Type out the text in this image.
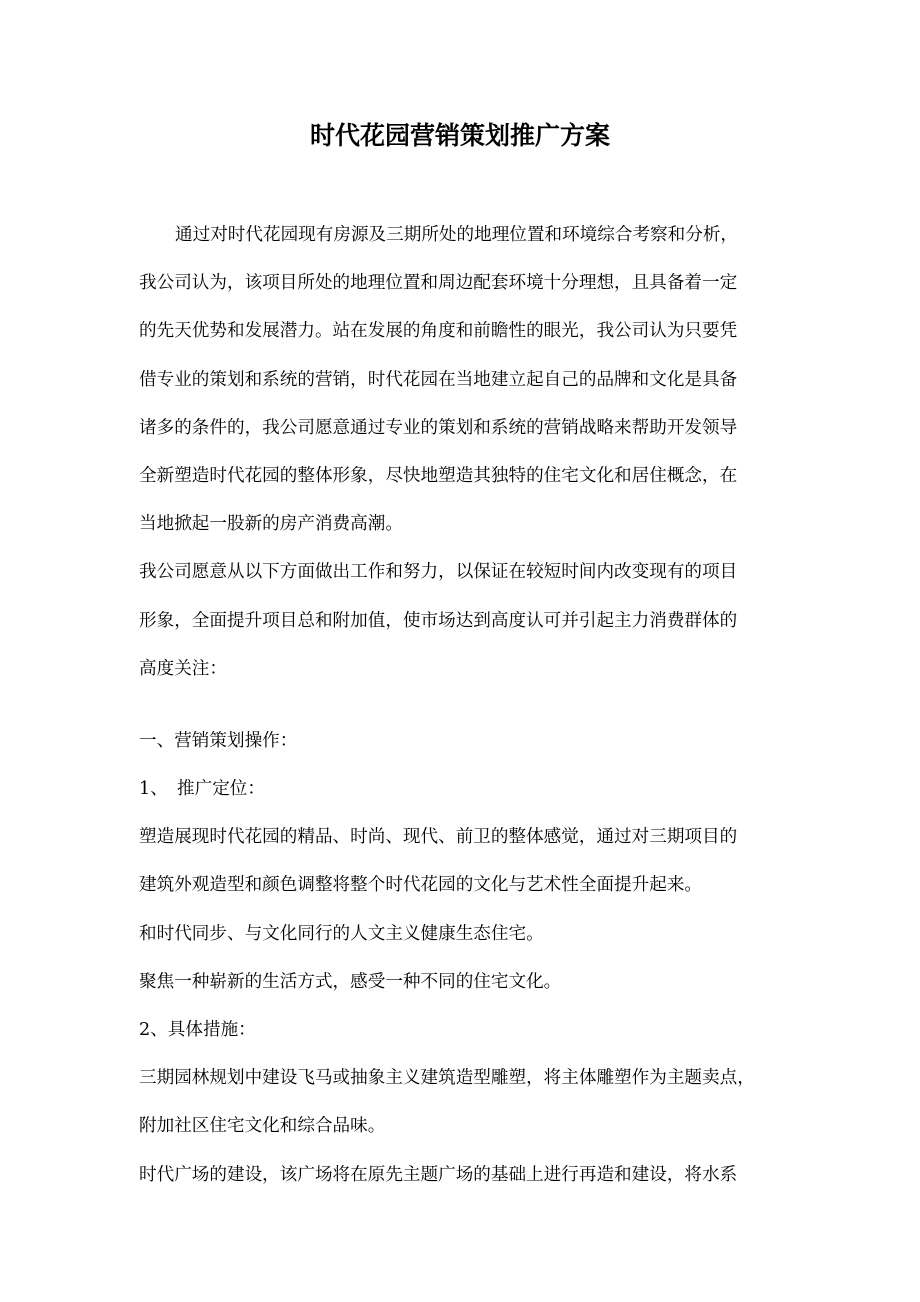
时代花园营销策划推广方案
通过对时代花园现有房源及三期所处的地理位置和环境综合考察和分析，
我公司认为，该项目所处的地理位置和周边配套环境十分理想，且具备着一定
的先天优势和发展潜力。站在发展的角度和前瞻性的眼光，我公司认为只要凭
借专业的策划和系统的营销，时代花园在当地建立起自己的品牌和文化是具备
诸多的条件的，我公司愿意通过专业的策划和系统的营销战略来帮助开发领导
全新塑造时代花园的整体形象，尽快地塑造其独特的住宅文化和居住概念，在
当地掀起一股新的房产消费高潮。
我公司愿意从以下方面做出工作和努力，以保证在较短时间内改变现有的项目
形象，全面提升项目总和附加值，使市场达到高度认可并引起主力消费群体的
高度关注：
一、营销策划操作：
1、 推广定位：
塑造展现时代花园的精品、时尚、现代、前卫的整体感觉，通过对三期项目的
建筑外观造型和颜色调整将整个时代花园的文化与艺术性全面提升起来。
和时代同步、与文化同行的人文主义健康生态住宅。
聚焦一种崭新的生活方式，感受一种不同的住宅文化。
2、具体措施：
三期园林规划中建设飞马或抽象主义建筑造型雕塑，将主体雕塑作为主题卖点，
附加社区住宅文化和综合品味。
时代广场的建设，该广场将在原先主题广场的基础上进行再造和建设，将水系
